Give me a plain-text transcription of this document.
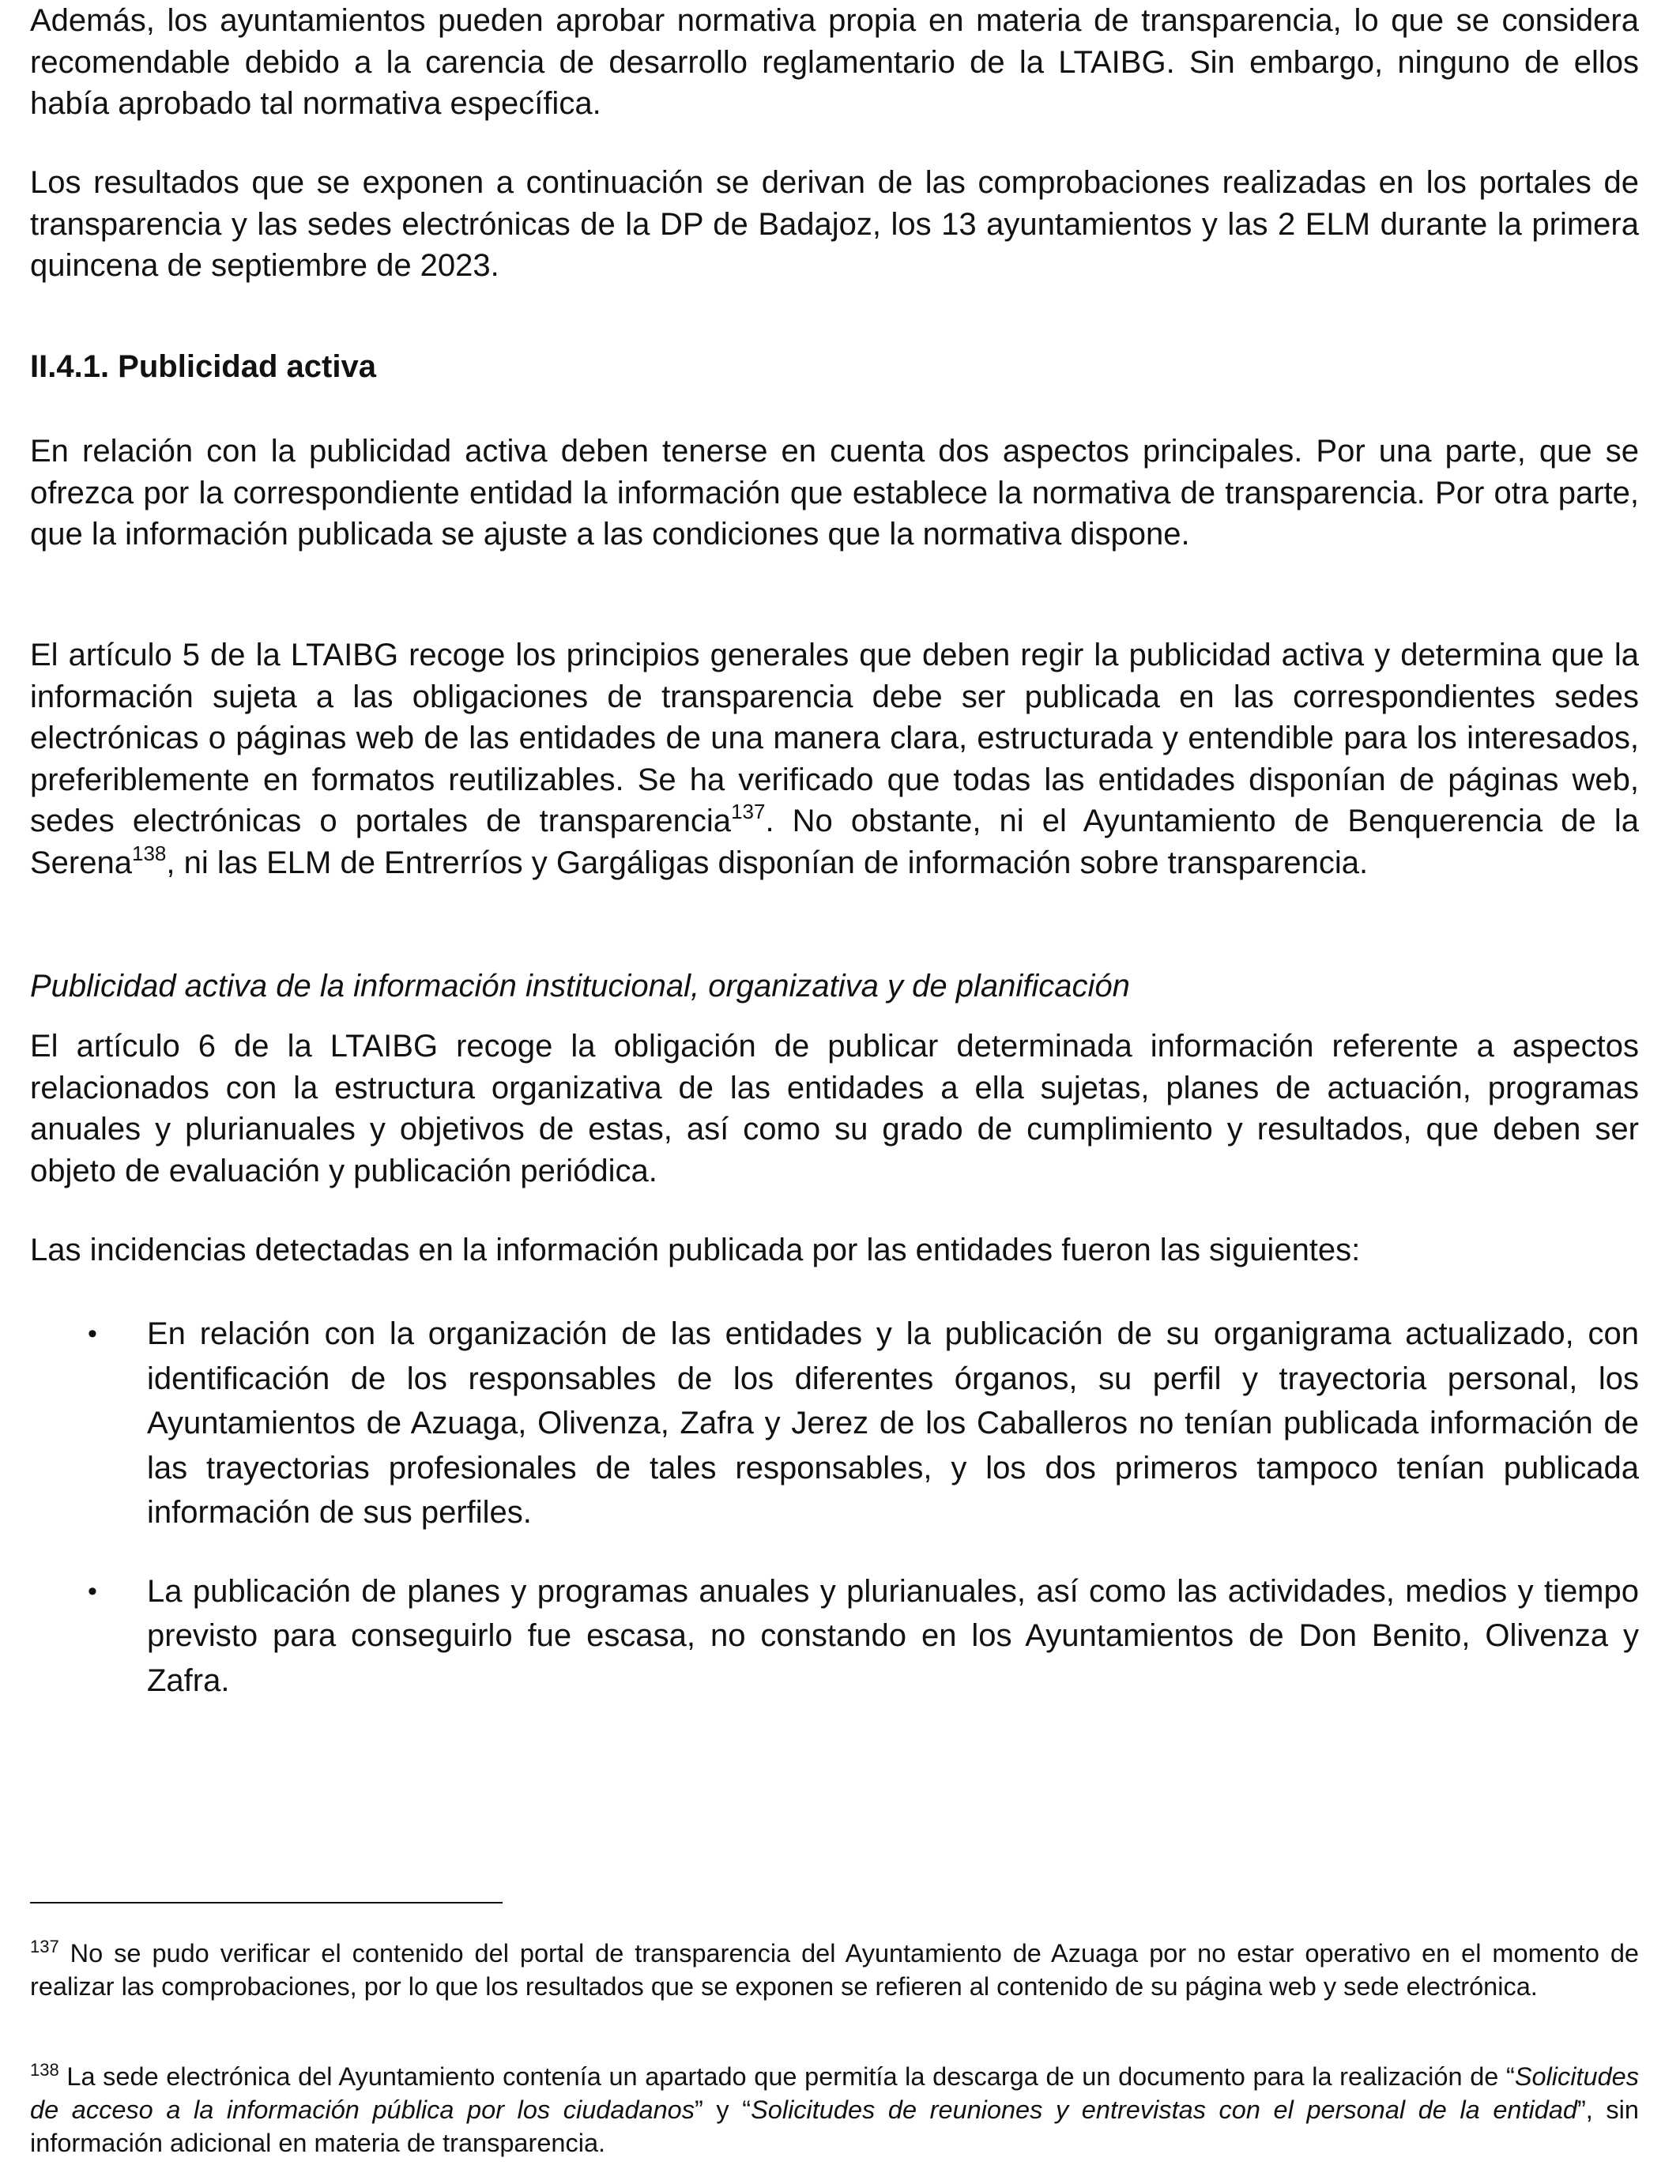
Además, los ayuntamientos pueden aprobar normativa propia en materia de transparencia, lo que se considera recomendable debido a la carencia de desarrollo reglamentario de la LTAIBG. Sin embargo, ninguno de ellos había aprobado tal normativa específica.

Los resultados que se exponen a continuación se derivan de las comprobaciones realizadas en los portales de transparencia y las sedes electrónicas de la DP de Badajoz, los 13 ayuntamientos y las 2 ELM durante la primera quincena de septiembre de 2023.

II.4.1. Publicidad activa

En relación con la publicidad activa deben tenerse en cuenta dos aspectos principales. Por una parte, que se ofrezca por la correspondiente entidad la información que establece la normativa de transparencia. Por otra parte, que la información publicada se ajuste a las condiciones que la normativa dispone.

El artículo 5 de la LTAIBG recoge los principios generales que deben regir la publicidad activa y determina que la información sujeta a las obligaciones de transparencia debe ser publicada en las correspondientes sedes electrónicas o páginas web de las entidades de una manera clara, estructurada y entendible para los interesados, preferiblemente en formatos reutilizables. Se ha verificado que todas las entidades disponían de páginas web, sedes electrónicas o portales de transparencia$^{137}$. No obstante, ni el Ayuntamiento de Benquerencia de la Serena$^{138}$, ni las ELM de Entrerríos y Gargáligas disponían de información sobre transparencia.

Publicidad activa de la información institucional, organizativa y de planificación

El artículo 6 de la LTAIBG recoge la obligación de publicar determinada información referente a aspectos relacionados con la estructura organizativa de las entidades a ella sujetas, planes de actuación, programas anuales y plurianuales y objetivos de estas, así como su grado de cumplimiento y resultados, que deben ser objeto de evaluación y publicación periódica.

Las incidencias detectadas en la información publicada por las entidades fueron las siguientes:

• En relación con la organización de las entidades y la publicación de su organigrama actualizado, con identificación de los responsables de los diferentes órganos, su perfil y trayectoria personal, los Ayuntamientos de Azuaga, Olivenza, Zafra y Jerez de los Caballeros no tenían publicada información de las trayectorias profesionales de tales responsables, y los dos primeros tampoco tenían publicada información de sus perfiles.
• La publicación de planes y programas anuales y plurianuales, así como las actividades, medios y tiempo previsto para conseguirlo fue escasa, no constando en los Ayuntamientos de Don Benito, Olivenza y Zafra.

$^{137}$ No se pudo verificar el contenido del portal de transparencia del Ayuntamiento de Azuaga por no estar operativo en el momento de realizar las comprobaciones, por lo que los resultados que se exponen se refieren al contenido de su página web y sede electrónica.

$^{138}$ La sede electrónica del Ayuntamiento contenía un apartado que permitía la descarga de un documento para la realización de “Solicitudes de acceso a la información pública por los ciudadanos” y “Solicitudes de reuniones y entrevistas con el personal de la entidad”, sin información adicional en materia de transparencia.
